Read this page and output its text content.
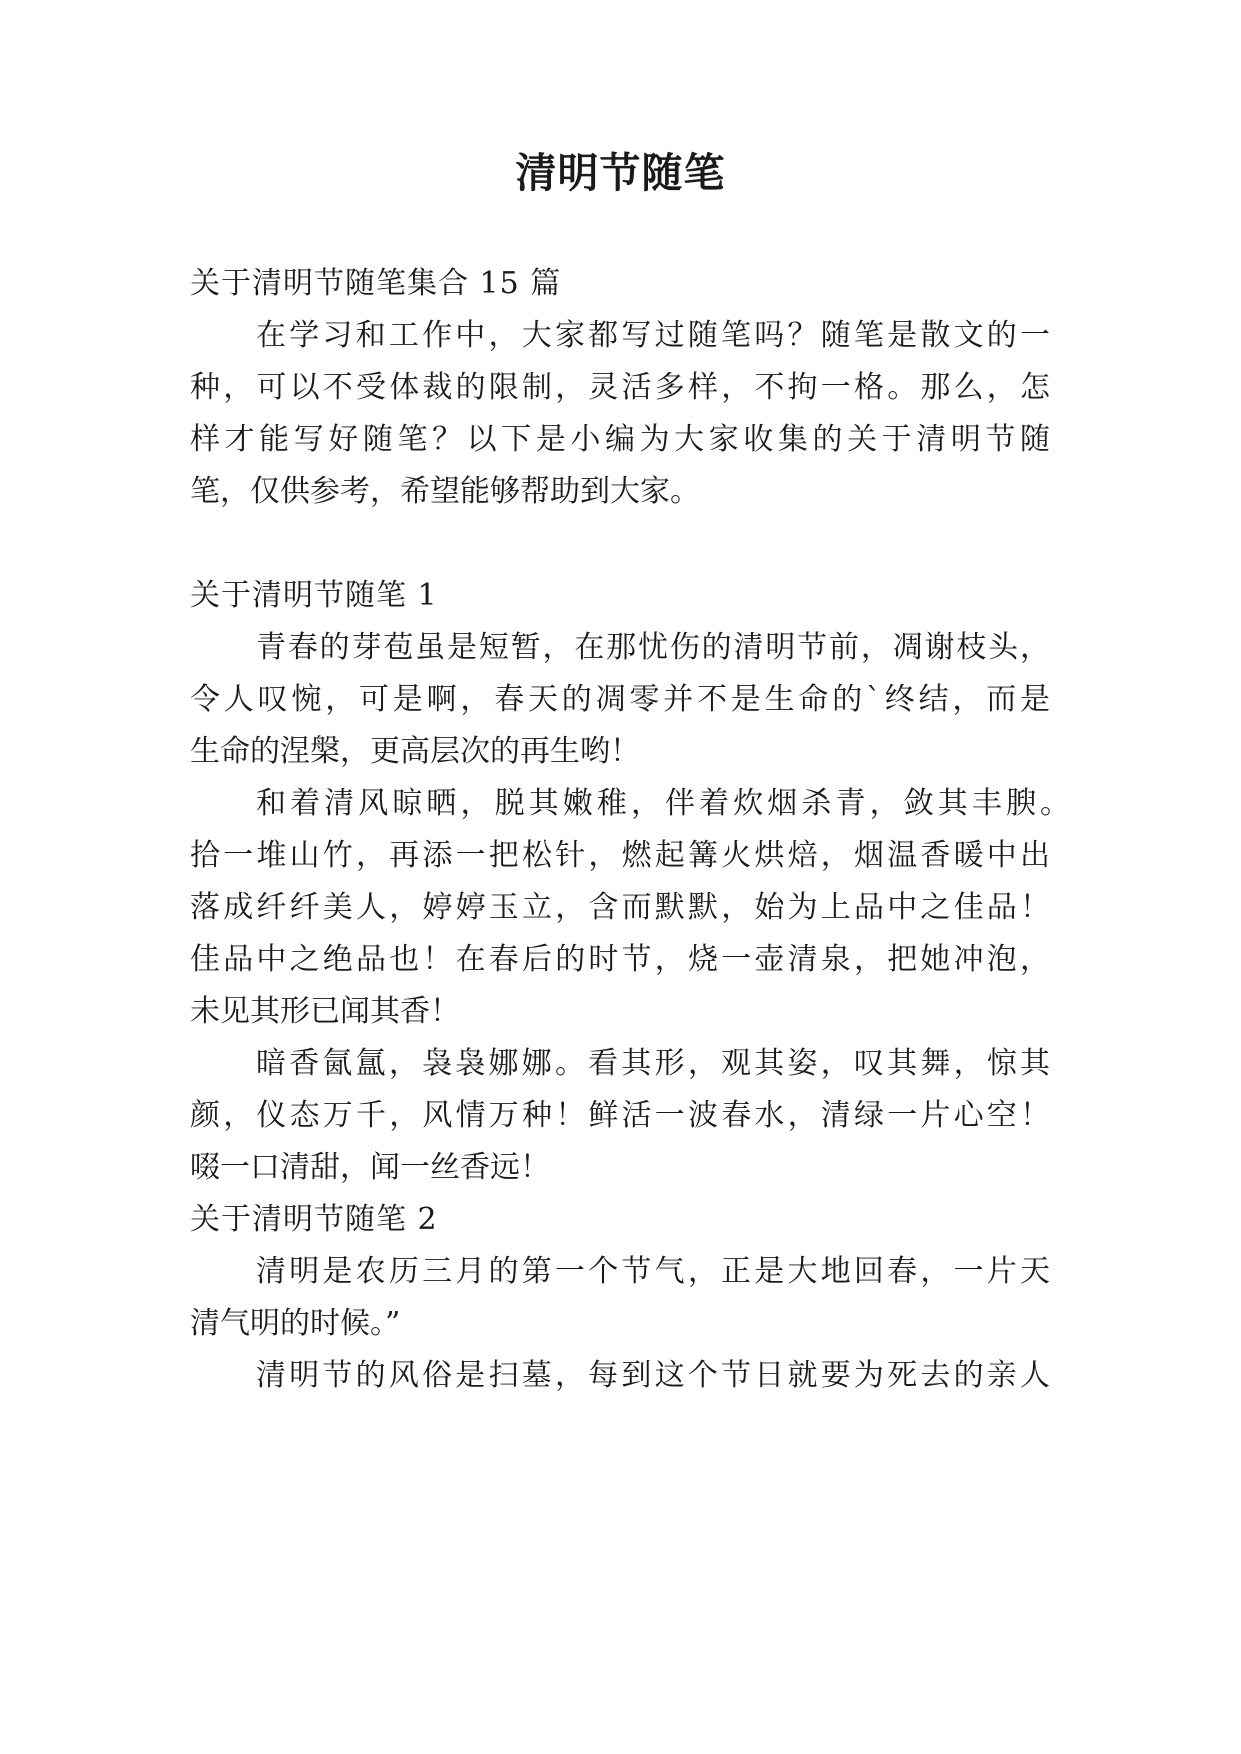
清明节随笔

关于清明节随笔集合 15 篇

在学习和工作中，大家都写过随笔吗？随笔是散文的一

种，可以不受体裁的限制，灵活多样，不拘一格。那么，怎

样才能写好随笔？以下是小编为大家收集的关于清明节随

笔，仅供参考，希望能够帮助到大家。

关于清明节随笔 1

青春的芽苞虽是短暂，在那忧伤的清明节前，凋谢枝头，

令人叹惋，可是啊，春天的凋零并不是生命的`终结，而是

生命的涅槃，更高层次的再生哟！

和着清风晾晒，脱其嫩稚，伴着炊烟杀青，敛其丰腴。

拾一堆山竹，再添一把松针，燃起篝火烘焙，烟温香暖中出

落成纤纤美人，婷婷玉立，含而默默，始为上品中之佳品！

佳品中之绝品也！在春后的时节，烧一壶清泉，把她冲泡，

未见其形已闻其香！

暗香氤氲，袅袅娜娜。看其形，观其姿，叹其舞，惊其

颜，仪态万千，风情万种！鲜活一波春水，清绿一片心空！

啜一口清甜，闻一丝香远！

关于清明节随笔 2

清明是农历三月的第一个节气，正是大地回春，一片天

清气明的时候。”

清明节的风俗是扫墓，每到这个节日就要为死去的亲人
